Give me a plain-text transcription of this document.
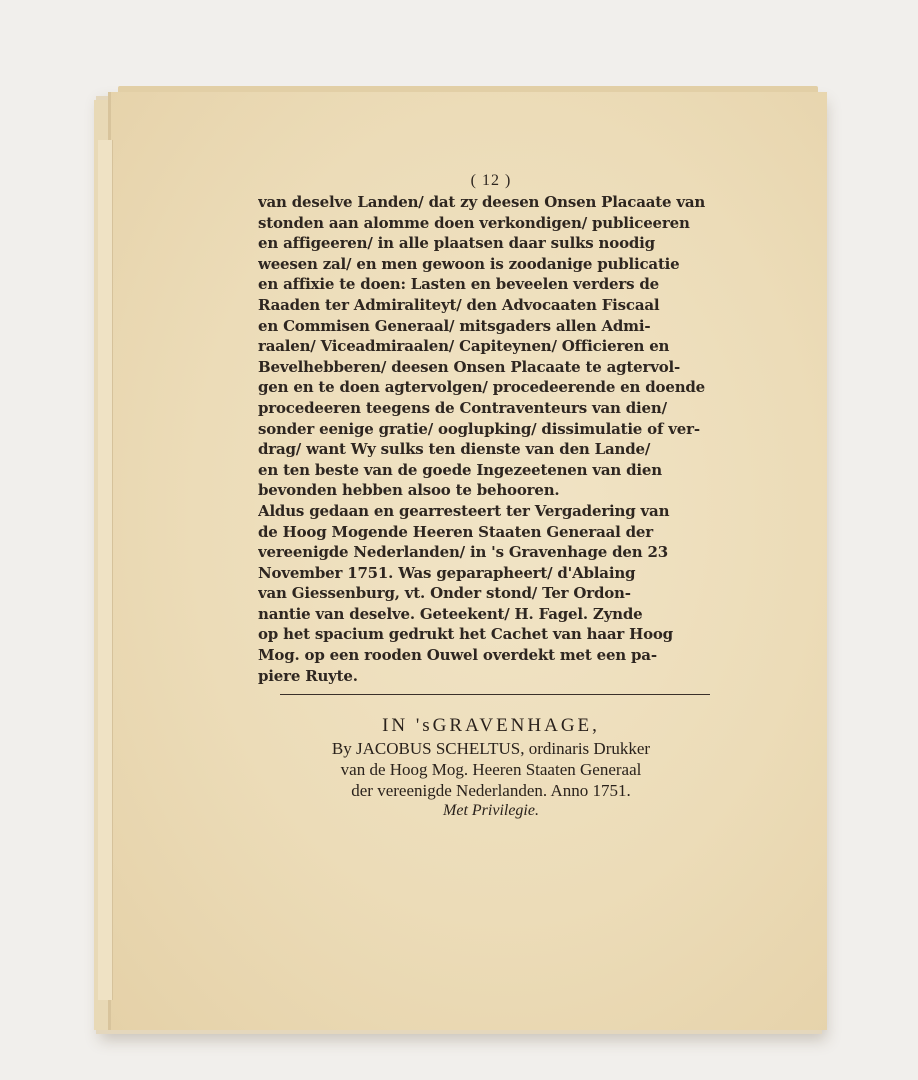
( 12 )
van deselve Landen/ dat zy deesen Onsen Placaate van
stonden aan alomme doen verkondigen/ publiceeren
en affigeeren/ in alle plaatsen daar sulks noodig
weesen zal/ en men gewoon is zoodanige publicatie
en affixie te doen: Lasten en beveelen verders de
Raaden ter Admiraliteyt/ den Advocaaten Fiscaal
en Commisen Generaal/ mitsgaders allen Admi-
raalen/ Viceadmiraalen/ Capiteynen/ Officieren en
Bevelhebberen/ deesen Onsen Placaate te agtervol-
gen en te doen agtervolgen/ procedeerende en doende
procedeeren teegens de Contraventeurs van dien/
sonder eenige gratie/ ooglupking/ dissimulatie of ver-
drag/ want Wy sulks ten dienste van den Lande/
en ten beste van de goede Ingezeetenen van dien
bevonden hebben alsoo te behooren.
Aldus gedaan en gearresteert ter Vergadering van
de Hoog Mogende Heeren Staaten Generaal der
vereenigde Nederlanden/ in 's Gravenhage den 23
November 1751. Was geparapheert/ d'Ablaing
van Giessenburg, vt. Onder stond/ Ter Ordon-
nantie van deselve. Geteekent/ H. Fagel. Zynde
op het spacium gedrukt het Cachet van haar Hoog
Mog. op een rooden Ouwel overdekt met een pa-
piere Ruyte.
IN 'sGRAVENHAGE,
By JACOBUS SCHELTUS, ordinaris Drukker
van de Hoog Mog. Heeren Staaten Generaal
der vereenigde Nederlanden. Anno 1751.
Met Privilegie.
